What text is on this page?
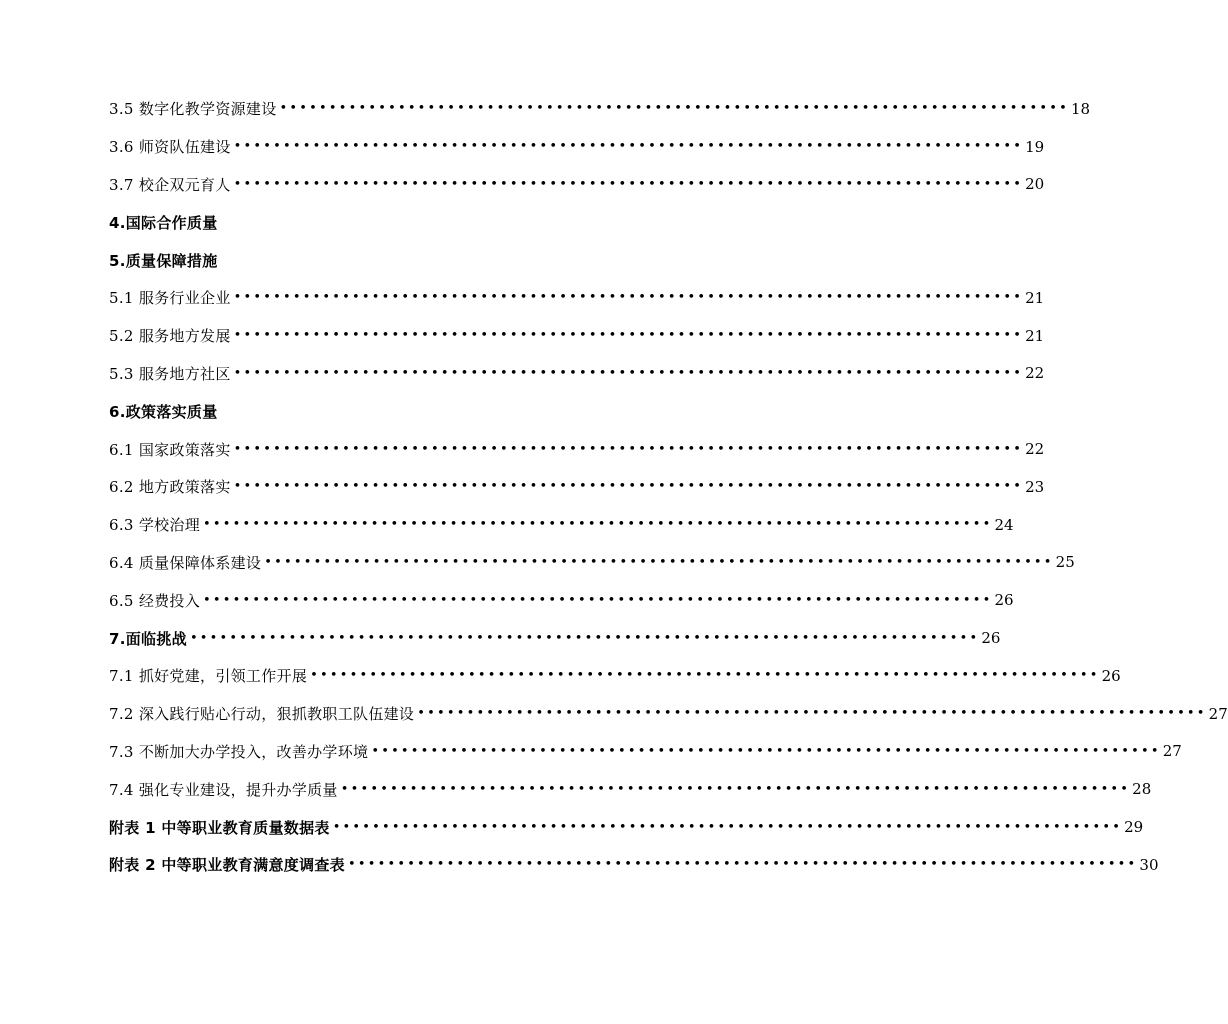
3.5 数字化教学资源建设 •••••••••••••••••••••••••••••••••••••••••••••••••••••••••••••••••••••••••••••••• 18
3.6 师资队伍建设 •••••••••••••••••••••••••••••••••••••••••••••••••••••••••••••••••••••••••••••••• 19
3.7 校企双元育人 •••••••••••••••••••••••••••••••••••••••••••••••••••••••••••••••••••••••••••••••• 20
4.国际合作质量
5.质量保障措施
5.1 服务行业企业 •••••••••••••••••••••••••••••••••••••••••••••••••••••••••••••••••••••••••••••••• 21
5.2 服务地方发展 •••••••••••••••••••••••••••••••••••••••••••••••••••••••••••••••••••••••••••••••• 21
5.3 服务地方社区 •••••••••••••••••••••••••••••••••••••••••••••••••••••••••••••••••••••••••••••••• 22
6.政策落实质量
6.1 国家政策落实 •••••••••••••••••••••••••••••••••••••••••••••••••••••••••••••••••••••••••••••••• 22
6.2 地方政策落实 •••••••••••••••••••••••••••••••••••••••••••••••••••••••••••••••••••••••••••••••• 23
6.3 学校治理 •••••••••••••••••••••••••••••••••••••••••••••••••••••••••••••••••••••••••••••••• 24
6.4 质量保障体系建设 •••••••••••••••••••••••••••••••••••••••••••••••••••••••••••••••••••••••••••••••• 25
6.5 经费投入 •••••••••••••••••••••••••••••••••••••••••••••••••••••••••••••••••••••••••••••••• 26
7.面临挑战 •••••••••••••••••••••••••••••••••••••••••••••••••••••••••••••••••••••••••••••••• 26
7.1 抓好党建，引领工作开展 •••••••••••••••••••••••••••••••••••••••••••••••••••••••••••••••••••••••••••••••• 26
7.2 深入践行贴心行动，狠抓教职工队伍建设 •••••••••••••••••••••••••••••••••••••••••••••••••••••••••••••••••••••••••••••••• 27
7.3 不断加大办学投入，改善办学环境 •••••••••••••••••••••••••••••••••••••••••••••••••••••••••••••••••••••••••••••••• 27
7.4 强化专业建设，提升办学质量 •••••••••••••••••••••••••••••••••••••••••••••••••••••••••••••••••••••••••••••••• 28
附表 1 中等职业教育质量数据表 •••••••••••••••••••••••••••••••••••••••••••••••••••••••••••••••••••••••••••••••• 29
附表 2 中等职业教育满意度调查表 •••••••••••••••••••••••••••••••••••••••••••••••••••••••••••••••••••••••••••••••• 30
